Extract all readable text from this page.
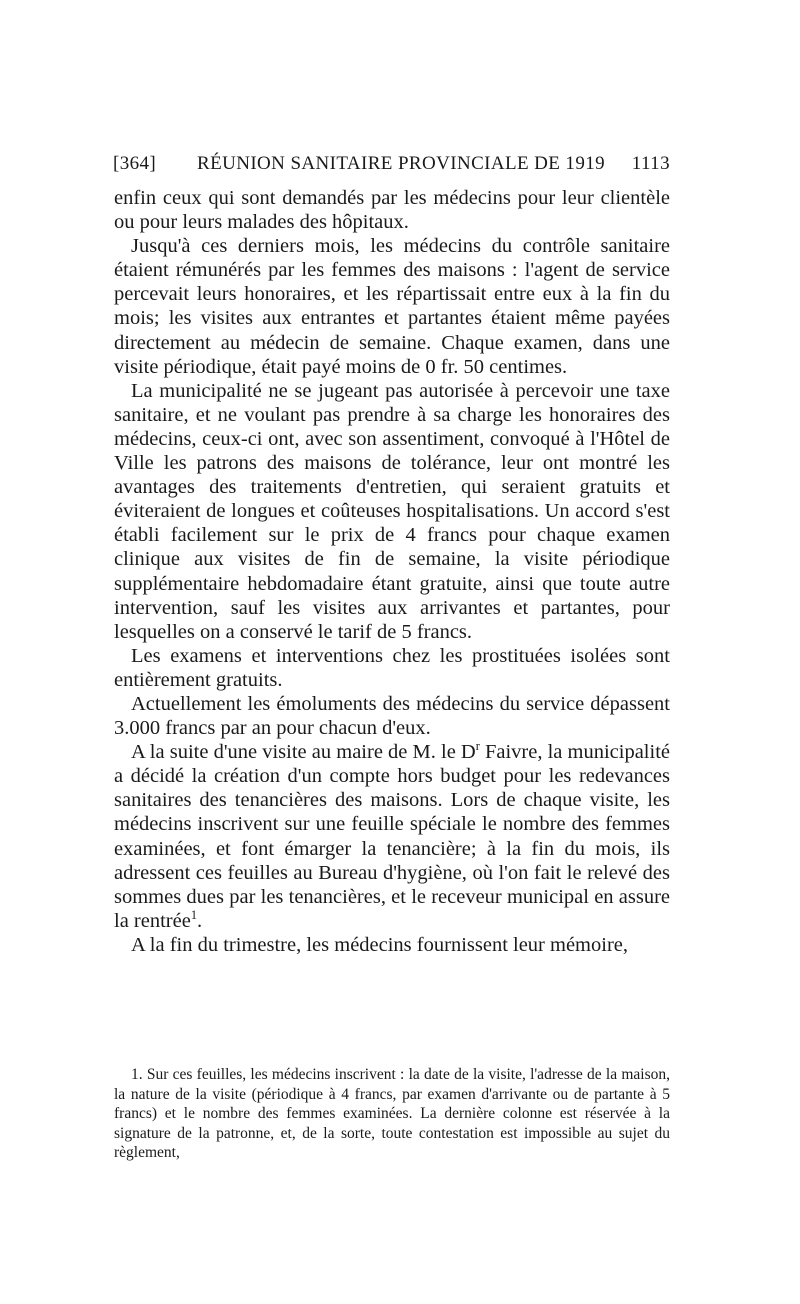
[364] RÉUNION SANITAIRE PROVINCIALE DE 1919 1113

enfin ceux qui sont demandés par les médecins pour leur clientèle ou pour leurs malades des hôpitaux.

Jusqu'à ces derniers mois, les médecins du contrôle sanitaire étaient rémunérés par les femmes des maisons : l'agent de service percevait leurs honoraires, et les répartissait entre eux à la fin du mois; les visites aux entrantes et partantes étaient même payées directement au médecin de semaine. Chaque examen, dans une visite périodique, était payé moins de 0 fr. 50 centimes.

La municipalité ne se jugeant pas autorisée à percevoir une taxe sanitaire, et ne voulant pas prendre à sa charge les honoraires des médecins, ceux-ci ont, avec son assentiment, convoqué à l'Hôtel de Ville les patrons des maisons de tolérance, leur ont montré les avantages des traitements d'entretien, qui seraient gratuits et éviteraient de longues et coûteuses hospitalisations. Un accord s'est établi facilement sur le prix de 4 francs pour chaque examen clinique aux visites de fin de semaine, la visite périodique supplémentaire hebdomadaire étant gratuite, ainsi que toute autre intervention, sauf les visites aux arrivantes et partantes, pour lesquelles on a conservé le tarif de 5 francs.

Les examens et interventions chez les prostituées isolées sont entièrement gratuits.

Actuellement les émoluments des médecins du service dépassent 3.000 francs par an pour chacun d'eux.

A la suite d'une visite au maire de M. le $D^r$ Faivre, la municipalité a décidé la création d'un compte hors budget pour les redevances sanitaires des tenancières des maisons. Lors de chaque visite, les médecins inscrivent sur une feuille spéciale le nombre des femmes examinées, et font émarger la tenancière; à la fin du mois, ils adressent ces feuilles au Bureau d'hygiène, où l'on fait le relevé des sommes dues par les tenancières, et le receveur municipal en assure la rentrée$^1$.

A la fin du trimestre, les médecins fournissent leur mémoire,

1. Sur ces feuilles, les médecins inscrivent : la date de la visite, l'adresse de la maison, la nature de la visite (périodique à 4 francs, par examen d'arrivante ou de partante à 5 francs) et le nombre des femmes examinées. La dernière colonne est réservée à la signature de la patronne, et, de la sorte, toute contestation est impossible au sujet du règlement,
